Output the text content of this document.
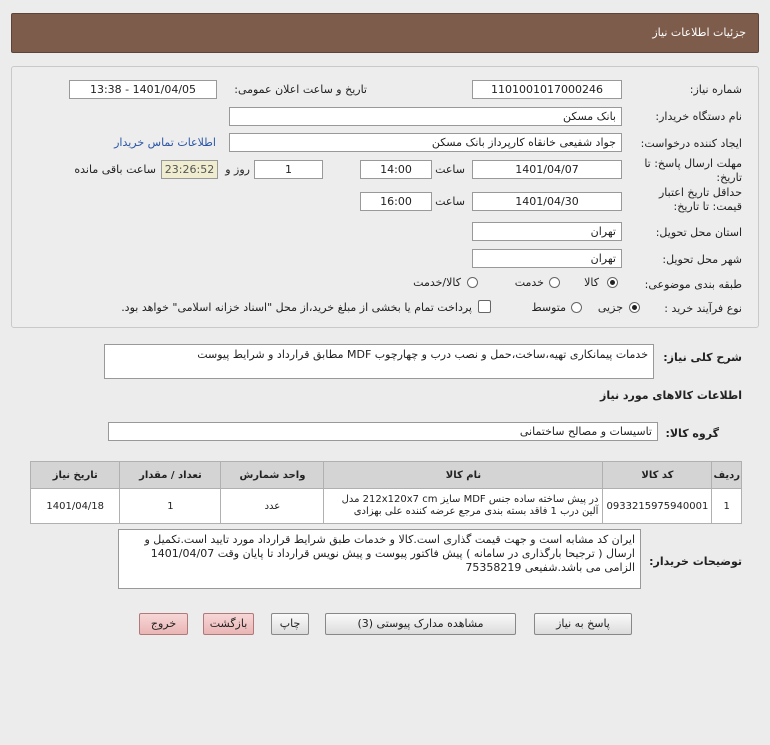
جزئیات اطلاعات نیاز
شماره نیاز:
1101001017000246
تاریخ و ساعت اعلان عمومی:
1401/04/05 - 13:38
نام دستگاه خریدار:
بانک مسکن
ایجاد کننده درخواست:
جواد شفیعی خانقاه کارپرداز بانک مسکن
اطلاعات تماس خریدار
مهلت ارسال پاسخ: تا تاریخ:
1401/04/07
ساعت
14:00
1
روز و
23:26:52
ساعت باقی مانده
حداقل تاریخ اعتبار قیمت: تا تاریخ:
1401/04/30
ساعت
16:00
استان محل تحویل:
تهران
شهر محل تحویل:
تهران
طبقه بندی موضوعی:
کالا
خدمت
کالا/خدمت
نوع فرآیند خرید :
جزیی
متوسط
پرداخت تمام یا بخشی از مبلغ خرید،از محل "اسناد خزانه اسلامی" خواهد بود.
شرح کلی نیاز:
خدمات پیمانکاری تهیه،ساخت،حمل و نصب درب و چهارچوب MDF مطابق قرارداد و شرایط پیوست
اطلاعات کالاهای مورد نیاز
گروه کالا:
تاسیسات و مصالح ساختمانی
ردیف	کد کالا	نام کالا	واحد شمارش	تعداد / مقدار	تاریخ نیاز
1	0933215975940001	در پیش ساخته ساده جنس MDF سایز 212x120x7 cm مدل آلین درب 1 فاقد بسته بندی مرجع عرضه کننده علی بهزادی	عدد	1	1401/04/18
توضیحات خریدار:
ایران کد مشابه است و جهت قیمت گذاری است.کالا و خدمات طبق شرایط قرارداد مورد تایید است.تکمیل و ارسال ( ترجیحا بارگذاری در سامانه ) پیش فاکتور پیوست و پیش نویس قرارداد تا پایان وقت 1401/04/07 الزامی می باشد.شفیعی 75358219
پاسخ به نیاز
مشاهده مدارک پیوستی (3)
چاپ
بازگشت
خروج
